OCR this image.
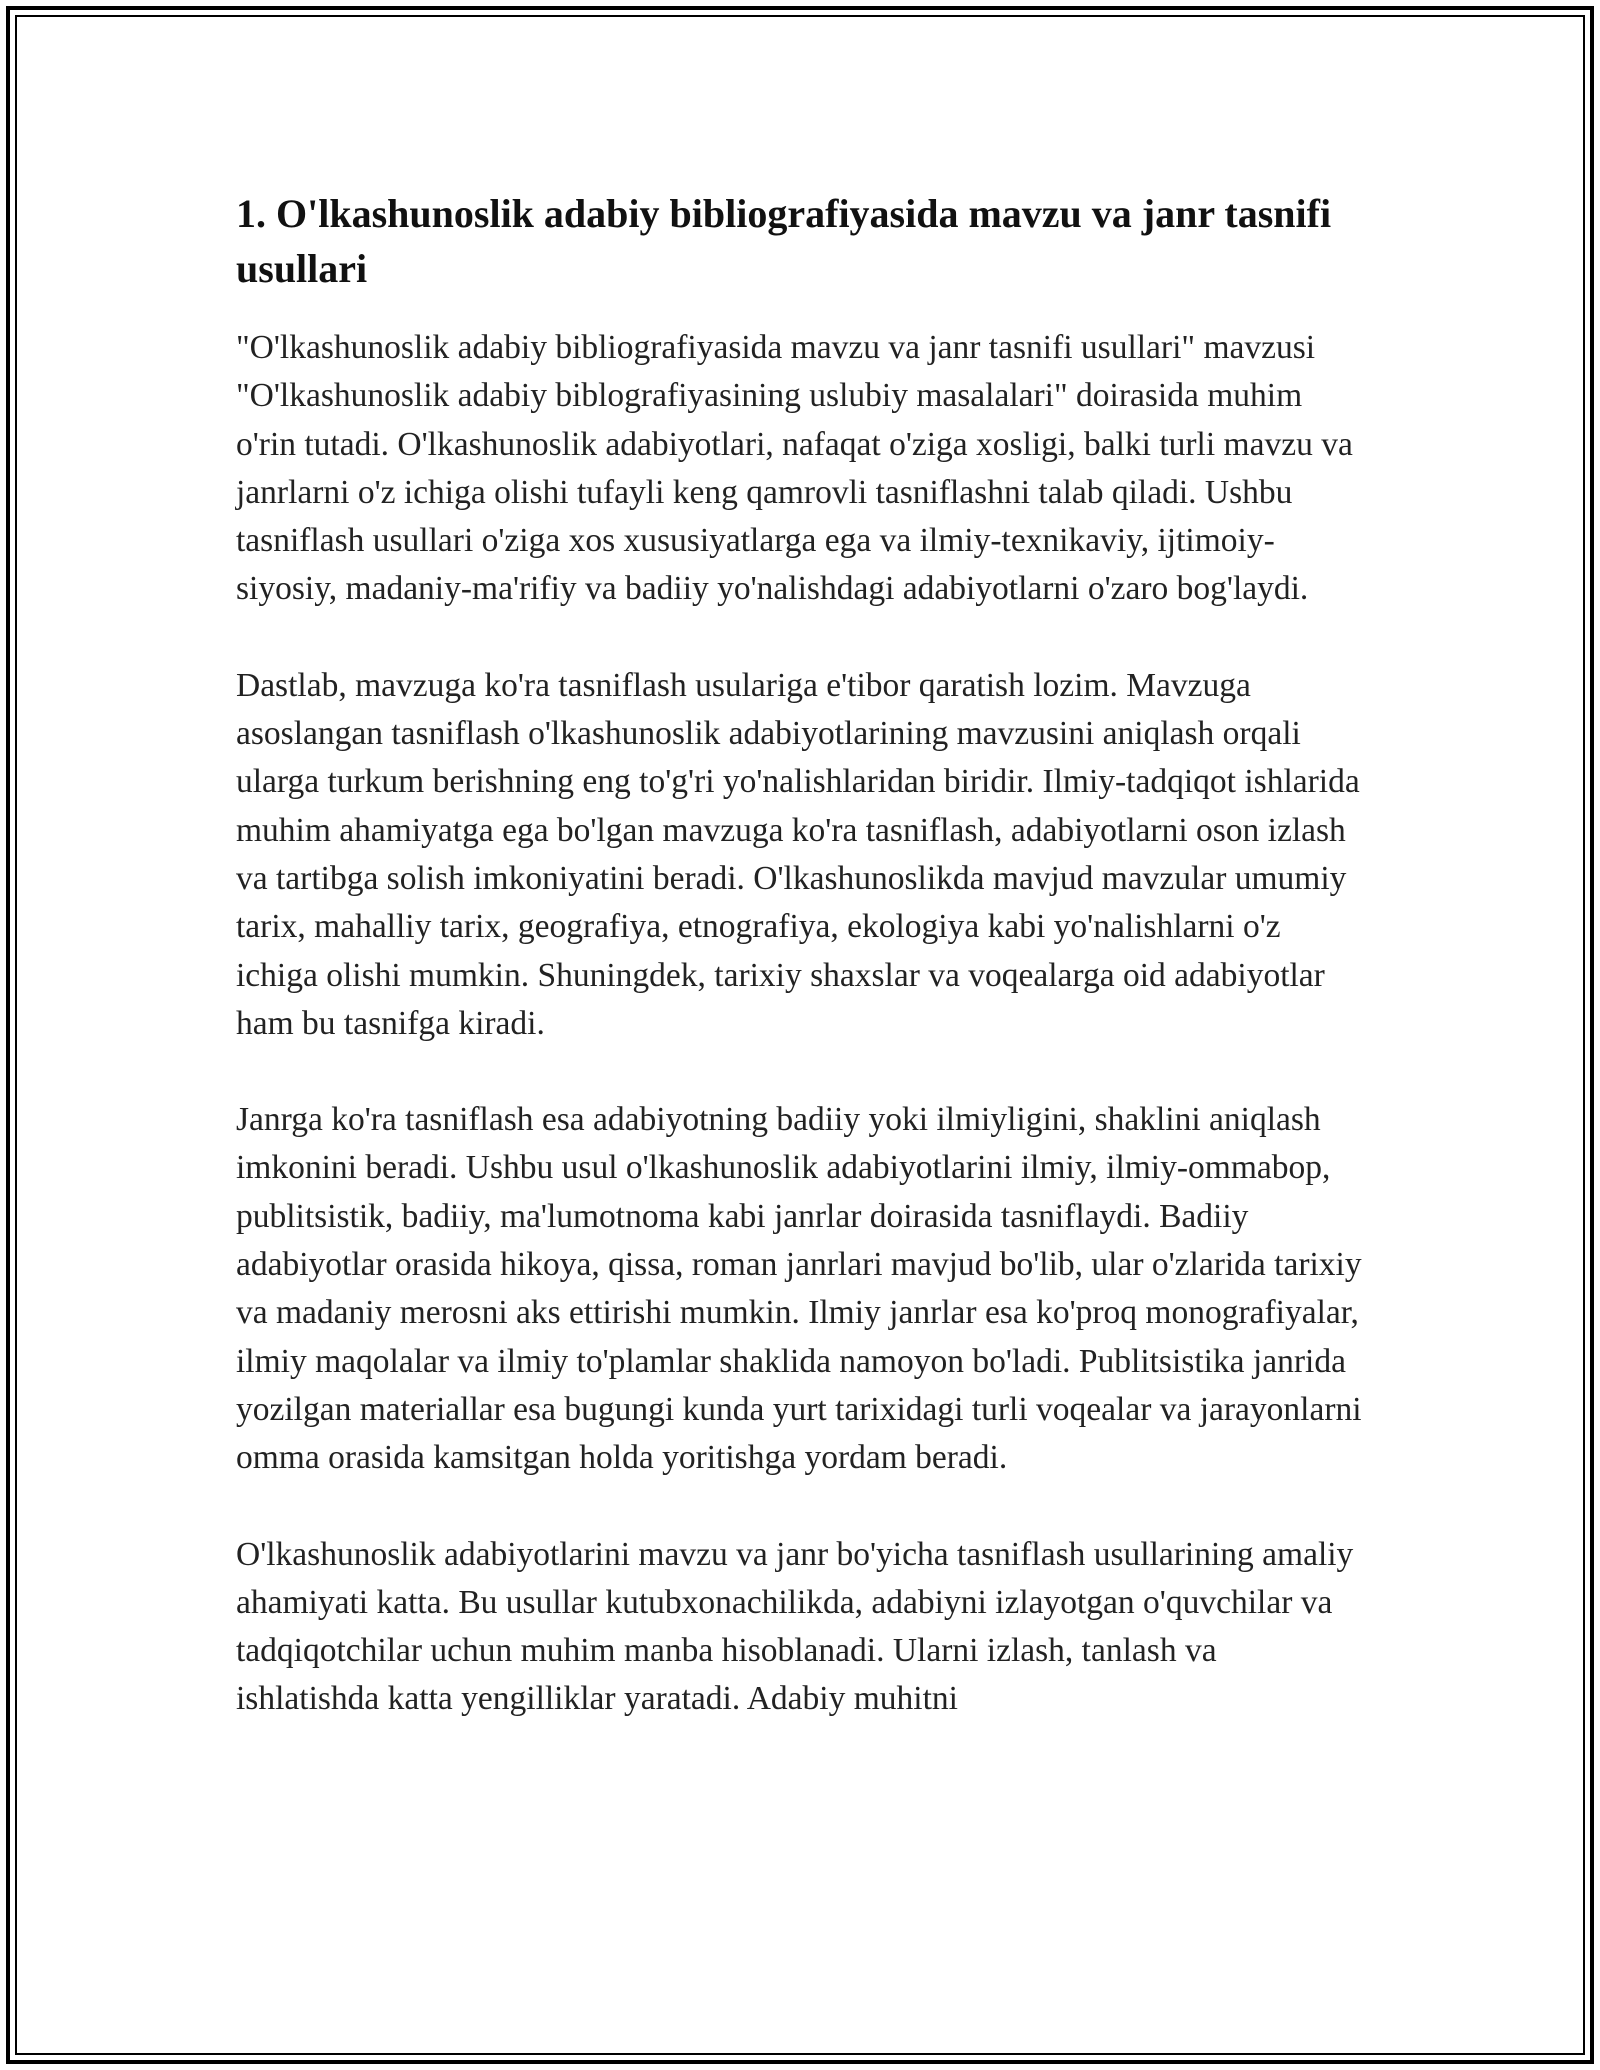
1. O'lkashunoslik adabiy bibliografiyasida mavzu va janr tasnifi usullari

"O'lkashunoslik adabiy bibliografiyasida mavzu va janr tasnifi usullari" mavzusi "O'lkashunoslik adabiy biblografiyasining uslubiy masalalari" doirasida muhim o'rin tutadi. O'lkashunoslik adabiyotlari, nafaqat o'ziga xosligi, balki turli mavzu va janrlarni o'z ichiga olishi tufayli keng qamrovli tasniflashni talab qiladi. Ushbu tasniflash usullari o'ziga xos xususiyatlarga ega va ilmiy-texnikaviy, ijtimoiy-siyosiy, madaniy-ma'rifiy va badiiy yo'nalishdagi adabiyotlarni o'zaro bog'laydi.

Dastlab, mavzuga ko'ra tasniflash usulariga e'tibor qaratish lozim. Mavzuga asoslangan tasniflash o'lkashunoslik adabiyotlarining mavzusini aniqlash orqali ularga turkum berishning eng to'g'ri yo'nalishlaridan biridir. Ilmiy-tadqiqot ishlarida muhim ahamiyatga ega bo'lgan mavzuga ko'ra tasniflash, adabiyotlarni oson izlash va tartibga solish imkoniyatini beradi. O'lkashunoslikda mavjud mavzular umumiy tarix, mahalliy tarix, geografiya, etnografiya, ekologiya kabi yo'nalishlarni o'z ichiga olishi mumkin. Shuningdek, tarixiy shaxslar va voqealarga oid adabiyotlar ham bu tasnifga kiradi.

Janrga ko'ra tasniflash esa adabiyotning badiiy yoki ilmiyligini, shaklini aniqlash imkonini beradi. Ushbu usul o'lkashunoslik adabiyotlarini ilmiy, ilmiy-ommabop, publitsistik, badiiy, ma'lumotnoma kabi janrlar doirasida tasniflaydi. Badiiy adabiyotlar orasida hikoya, qissa, roman janrlari mavjud bo'lib, ular o'zlarida tarixiy va madaniy merosni aks ettirishi mumkin. Ilmiy janrlar esa ko'proq monografiyalar, ilmiy maqolalar va ilmiy to'plamlar shaklida namoyon bo'ladi. Publitsistika janrida yozilgan materiallar esa bugungi kunda yurt tarixidagi turli voqealar va jarayonlarni omma orasida kamsitgan holda yoritishga yordam beradi.

O'lkashunoslik adabiyotlarini mavzu va janr bo'yicha tasniflash usullarining amaliy ahamiyati katta. Bu usullar kutubxonachilikda, adabiyni izlayotgan o'quvchilar va tadqiqotchilar uchun muhim manba hisoblanadi. Ularni izlash, tanlash va ishlatishda katta yengilliklar yaratadi. Adabiy muhitni
